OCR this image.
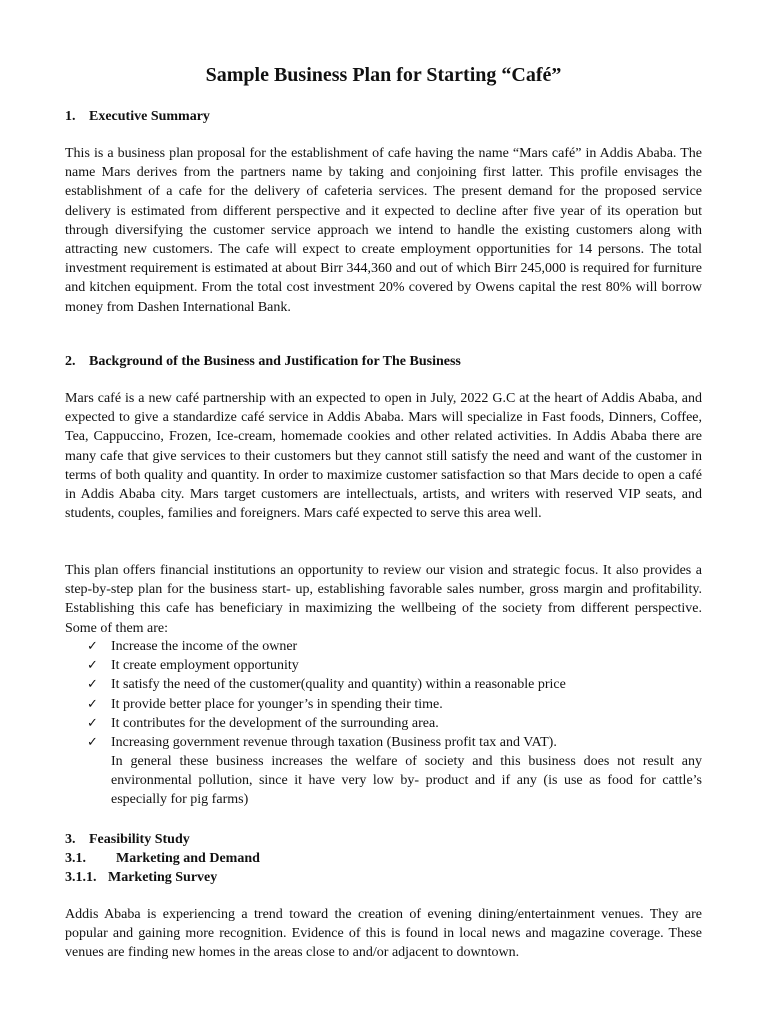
Sample Business Plan for Starting “Café”
1. Executive Summary

This is a business plan proposal for the establishment of cafe having the name “Mars café” in Addis Ababa. The name Mars derives from the partners name by taking and conjoining first latter. This profile envisages the establishment of a cafe for the delivery of cafeteria services. The present demand for the proposed service delivery is estimated from different perspective and it expected to decline after five year of its operation but through diversifying the customer service approach we intend to handle the existing customers along with attracting new customers. The cafe will expect to create employment opportunities for 14 persons. The total investment requirement is estimated at about Birr 344,360 and out of which Birr 245,000 is required for furniture and kitchen equipment. From the total cost investment 20% covered by Owens capital the rest 80% will borrow money from Dashen International Bank.

2. Background of the Business and Justification for The Business

Mars café is a new café partnership with an expected to open in July, 2022 G.C at the heart of Addis Ababa, and expected to give a standardize café service in Addis Ababa. Mars will specialize in Fast foods, Dinners, Coffee, Tea, Cappuccino, Frozen, Ice-cream, homemade cookies and other related activities. In Addis Ababa there are many cafe that give services to their customers but they cannot still satisfy the need and want of the customer in terms of both quality and quantity. In order to maximize customer satisfaction so that Mars decide to open a café in Addis Ababa city. Mars target customers are intellectuals, artists, and writers with reserved VIP seats, and students, couples, families and foreigners. Mars café expected to serve this area well.

This plan offers financial institutions an opportunity to review our vision and strategic focus. It also provides a step-by-step plan for the business start- up, establishing favorable sales number, gross margin and profitability. Establishing this cafe has beneficiary in maximizing the wellbeing of the society from different perspective. Some of them are:

✓ Increase the income of the owner
✓ It create employment opportunity
✓ It satisfy the need of the customer(quality and quantity) within a reasonable price
✓ It provide better place for younger’s in spending their time.
✓ It contributes for the development of the surrounding area.
✓ Increasing government revenue through taxation (Business profit tax and VAT).

In general these business increases the welfare of society and this business does not result any environmental pollution, since it have very low by- product and if any (is use as food for cattle’s especially for pig farms)

3. Feasibility Study
3.1. Marketing and Demand
3.1.1. Marketing Survey

Addis Ababa is experiencing a trend toward the creation of evening dining/entertainment venues. They are popular and gaining more recognition. Evidence of this is found in local news and magazine coverage. These venues are finding new homes in the areas close to and/or adjacent to downtown.
